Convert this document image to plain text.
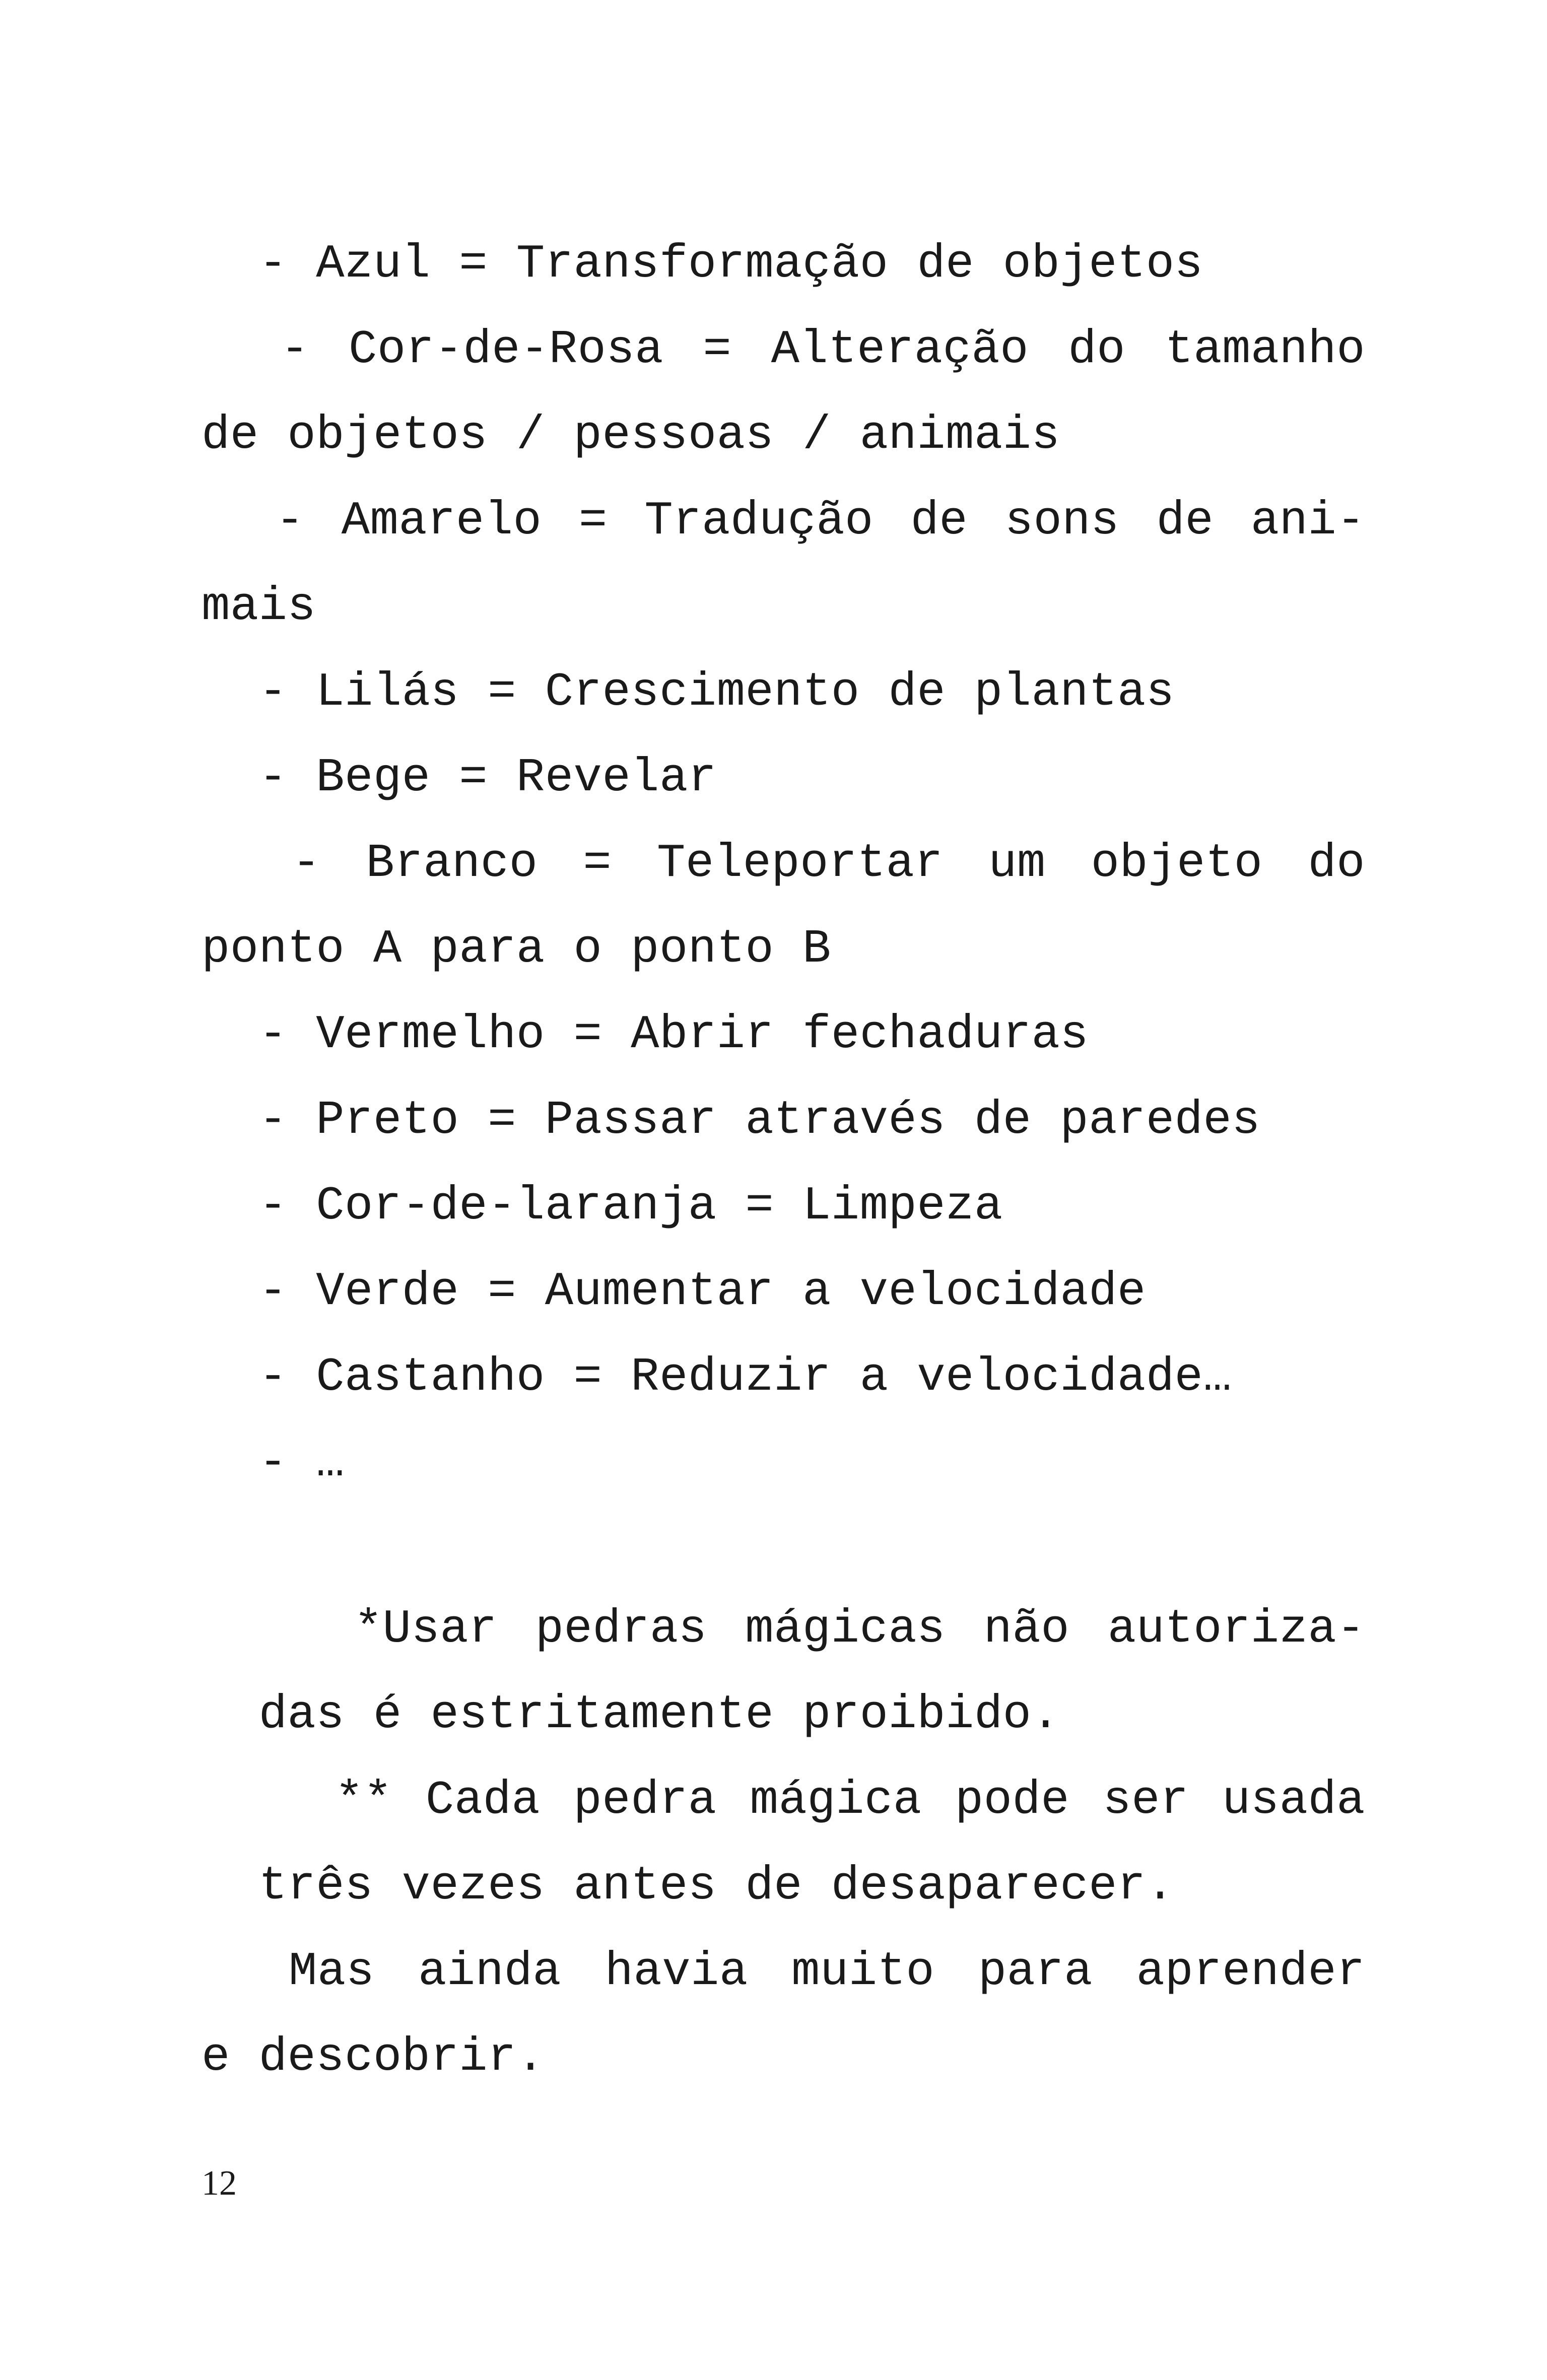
- Azul = Transformação de objetos
- Cor-de-Rosa = Alteração do tamanho
de objetos / pessoas / animais
- Amarelo = Tradução de sons de ani-
mais
- Lilás = Crescimento de plantas
- Bege = Revelar
- Branco = Teleportar um objeto do
ponto A para o ponto B
- Vermelho = Abrir fechaduras
- Preto = Passar através de paredes
- Cor-de-laranja = Limpeza
- Verde = Aumentar a velocidade
- Castanho = Reduzir a velocidade…
- …
*Usar pedras mágicas não autoriza-
das é estritamente proibido.
** Cada pedra mágica pode ser usada
três vezes antes de desaparecer.
Mas ainda havia muito para aprender
e descobrir.
12
